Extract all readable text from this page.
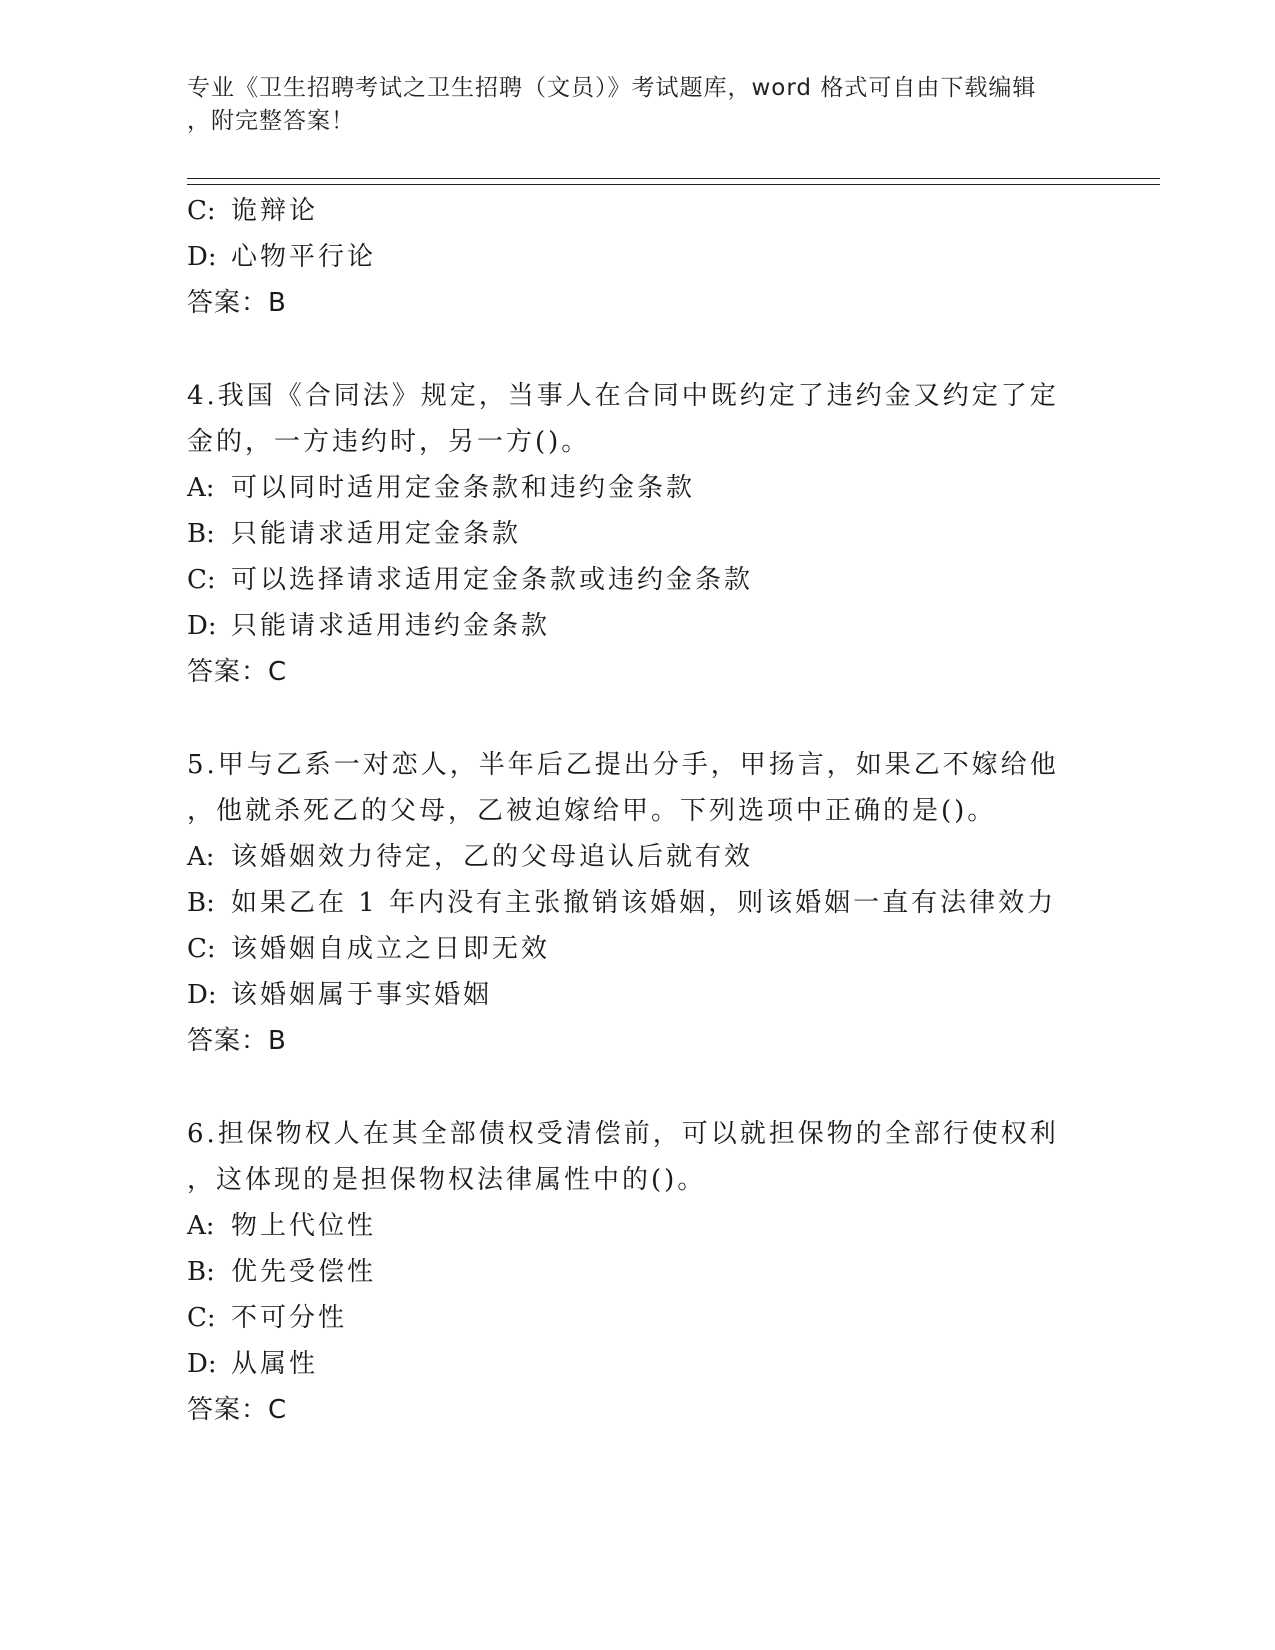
专业《卫生招聘考试之卫生招聘（文员）》考试题库，word 格式可自由下载编辑
，附完整答案！
C: 诡辩论
D: 心物平行论
答案：B
4.我国《合同法》规定，当事人在合同中既约定了违约金又约定了定
金的，一方违约时，另一方()。
A: 可以同时适用定金条款和违约金条款
B: 只能请求适用定金条款
C: 可以选择请求适用定金条款或违约金条款
D: 只能请求适用违约金条款
答案：C
5.甲与乙系一对恋人，半年后乙提出分手，甲扬言，如果乙不嫁给他
，他就杀死乙的父母，乙被迫嫁给甲。下列选项中正确的是()。
A: 该婚姻效力待定，乙的父母追认后就有效
B: 如果乙在 1 年内没有主张撤销该婚姻，则该婚姻一直有法律效力
C: 该婚姻自成立之日即无效
D: 该婚姻属于事实婚姻
答案：B
6.担保物权人在其全部债权受清偿前，可以就担保物的全部行使权利
，这体现的是担保物权法律属性中的()。
A: 物上代位性
B: 优先受偿性
C: 不可分性
D: 从属性
答案：C
